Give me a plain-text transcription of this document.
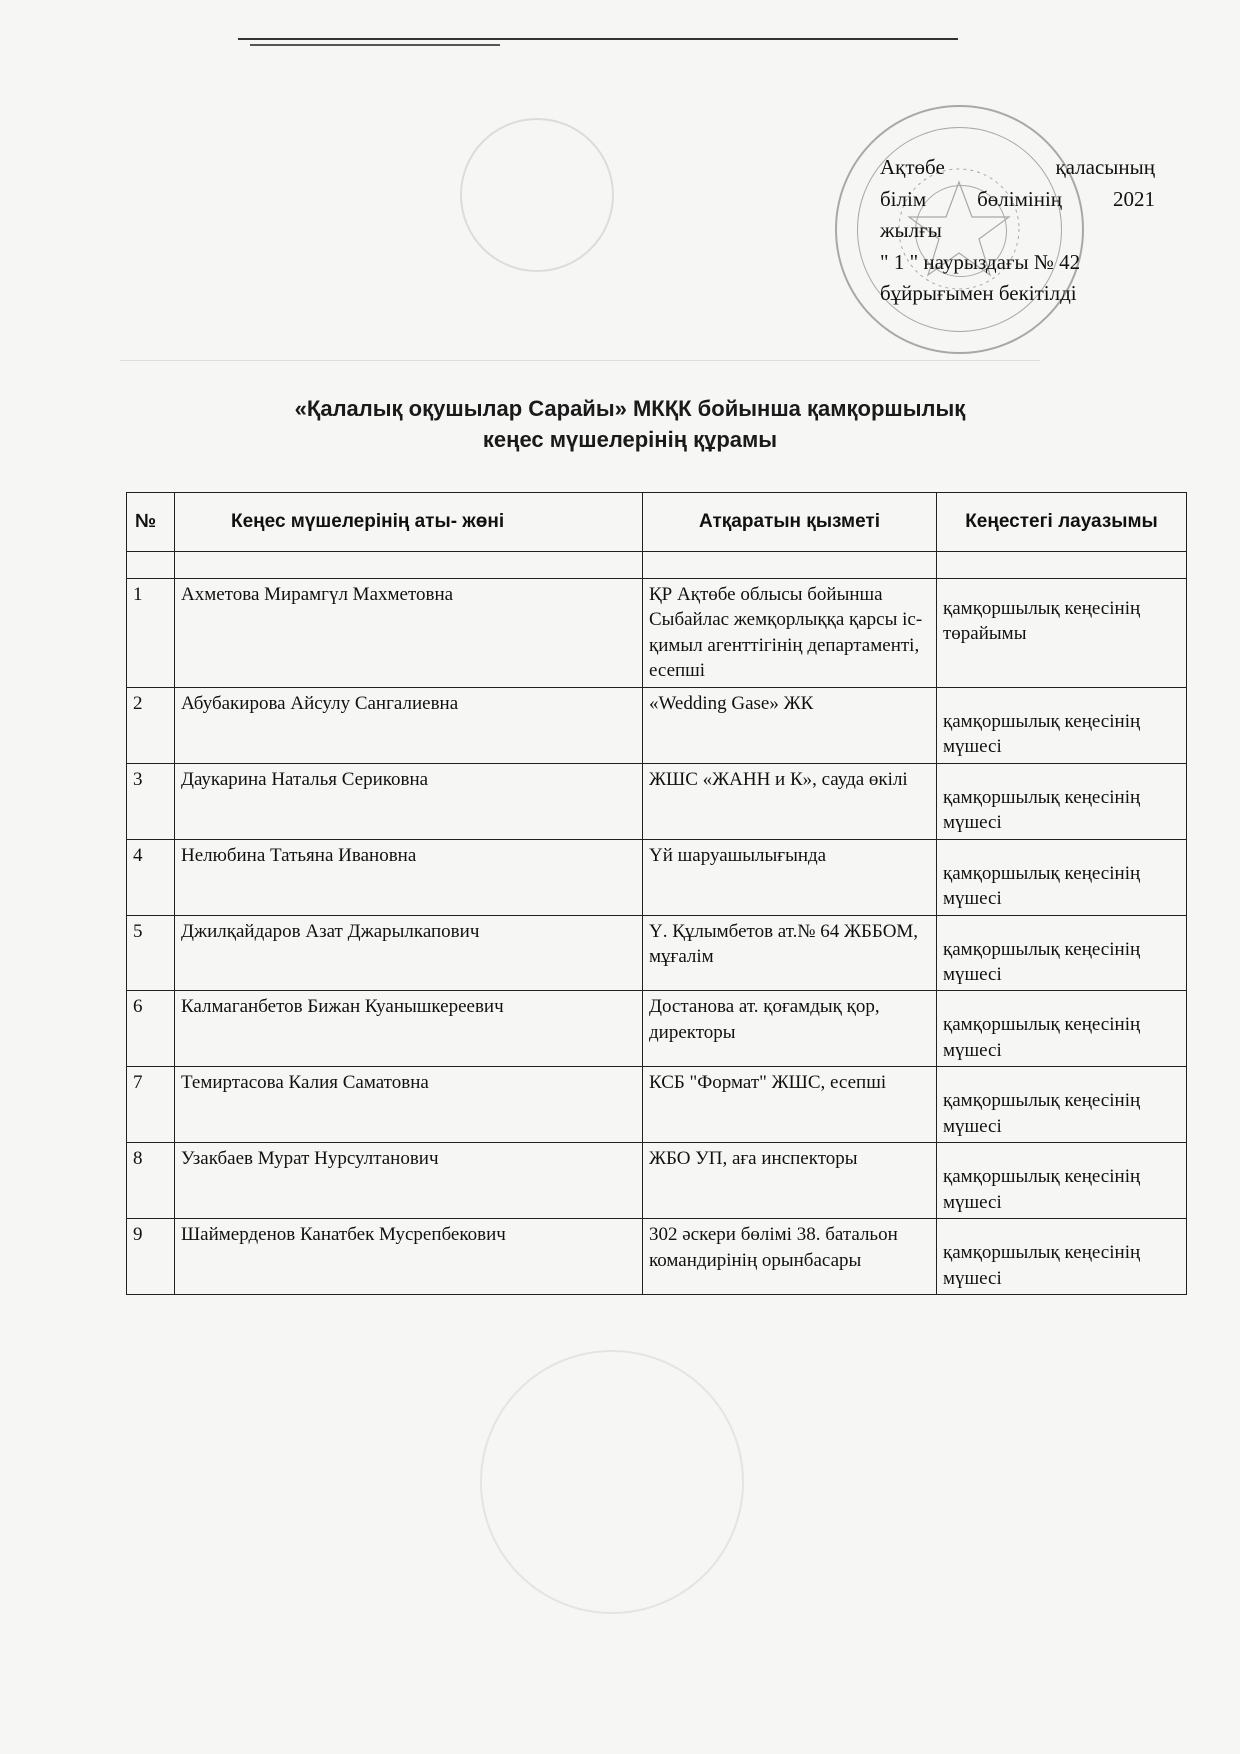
Ақтөбе қаласының
білім бөлімінің 2021
жылғы
" 1 " наурыздағы № 42
бұйрығымен бекітілді
«Қалалық оқушылар Сарайы» МКҚК бойынша қамқоршылық
кеңес мүшелерінің құрамы
№	Кеңес мүшелерінің аты- жөні	Атқаратын қызметі	Кеңестегі лауазымы

1	Ахметова Мирамгүл Махметовна	ҚР Ақтөбе облысы бойынша Сыбайлас жемқорлыққа қарсы іс-қимыл агенттігінің департаменті, есепші	қамқоршылық кеңесінің төрайымы

2	Абубакирова Айсулу Сангалиевна	«Wedding Gase» ЖК	қамқоршылық кеңесінің мүшесі

3	Даукарина Наталья Сериковна	ЖШС «ЖАНН и К», сауда өкілі	қамқоршылық кеңесінің мүшесі

4	Нелюбина Татьяна Ивановна	Үй шаруашылығында	қамқоршылық кеңесінің мүшесі

5	Джилқайдаров Азат Джарылкапович	Ү. Құлымбетов ат.№ 64 ЖББОМ, мұғалім	қамқоршылық кеңесінің мүшесі

6	Калмаганбетов Бижан Куанышкереевич	Достанова ат. қоғамдық қор, директоры	қамқоршылық кеңесінің мүшесі

7	Темиртасова Калия Саматовна	КСБ "Формат" ЖШС, есепші	қамқоршылық кеңесінің мүшесі

8	Узакбаев Мурат Нурсултанович	ЖБО УП, аға инспекторы	қамқоршылық кеңесінің мүшесі

9	Шаймерденов Канатбек Мусрепбекович	302 әскери бөлімі 38. батальон командирінің орынбасары	қамқоршылық кеңесінің мүшесі
